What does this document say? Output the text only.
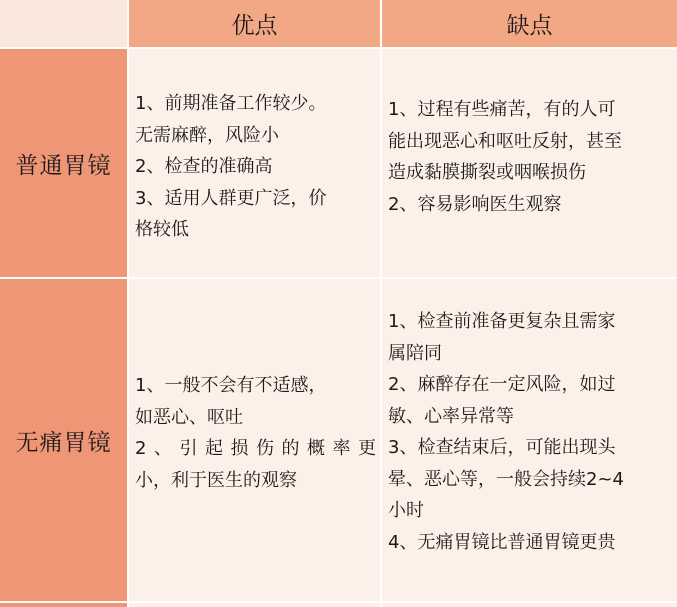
优点	缺点
普通胃镜
1、前期准备工作较少。
无需麻醉，风险小
2、检查的准确高
3、适用人群更广泛，价
格较低
1、过程有些痛苦，有的人可
能出现恶心和呕吐反射，甚至
造成黏膜撕裂或咽喉损伤
2、容易影响医生观察
无痛胃镜
1、一般不会有不适感，
如恶心、呕吐
2、引起损伤的概率更
小，利于医生的观察
1、检查前准备更复杂且需家
属陪同
2、麻醉存在一定风险，如过
敏、心率异常等
3、检查结束后，可能出现头
晕、恶心等，一般会持续2~4
小时
4、无痛胃镜比普通胃镜更贵
